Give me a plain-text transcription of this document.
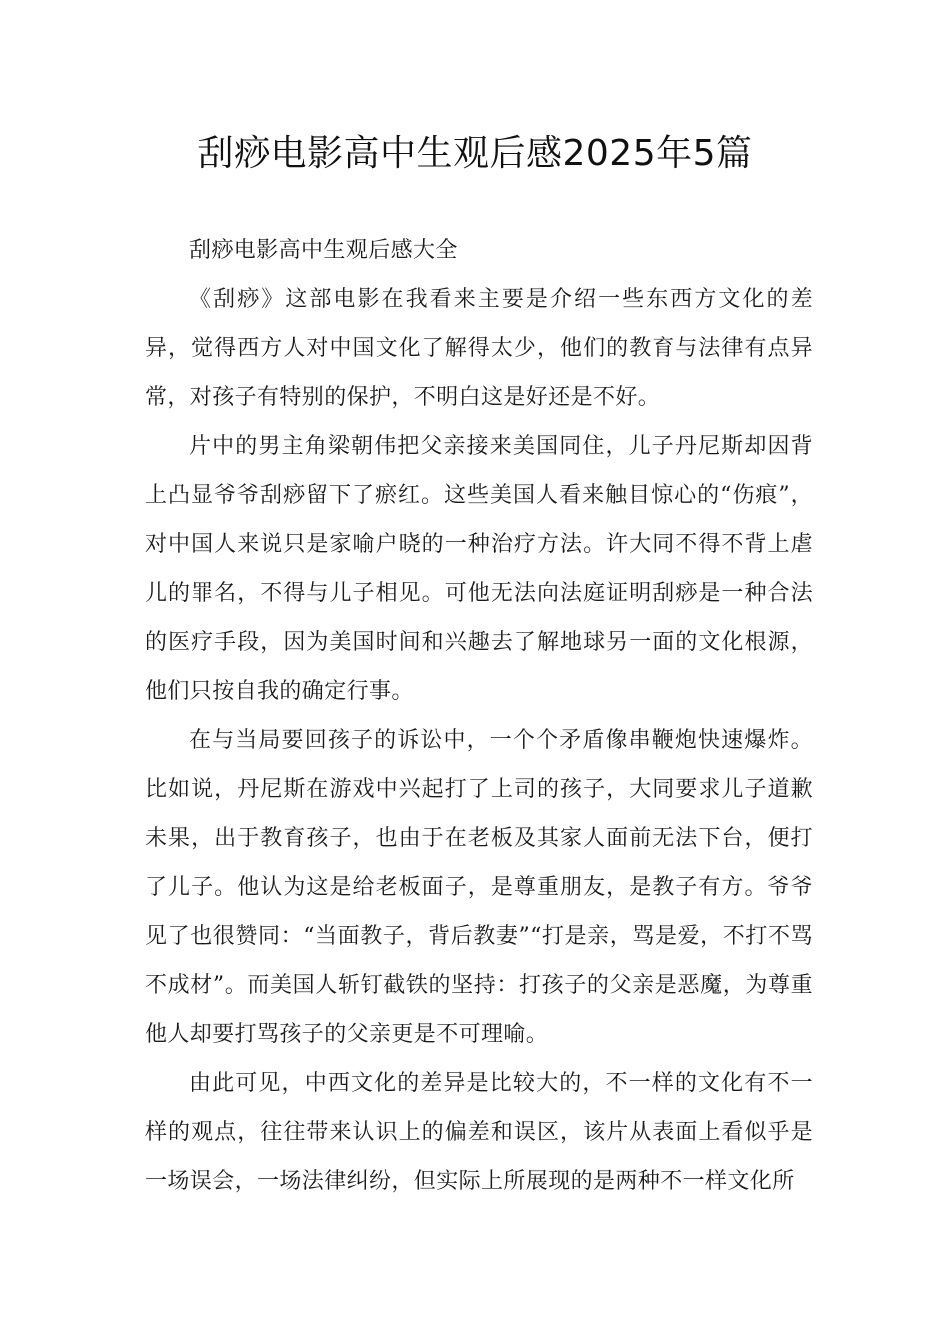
刮痧电影高中生观后感2025年5篇

刮痧电影高中生观后感大全

《刮痧》这部电影在我看来主要是介绍一些东西方文化的差异，觉得西方人对中国文化了解得太少，他们的教育与法律有点异常，对孩子有特别的保护，不明白这是好还是不好。

片中的男主角梁朝伟把父亲接来美国同住，儿子丹尼斯却因背上凸显爷爷刮痧留下了瘀红。这些美国人看来触目惊心的“伤痕”，对中国人来说只是家喻户晓的一种治疗方法。许大同不得不背上虐儿的罪名，不得与儿子相见。可他无法向法庭证明刮痧是一种合法的医疗手段，因为美国时间和兴趣去了解地球另一面的文化根源，他们只按自我的确定行事。

在与当局要回孩子的诉讼中，一个个矛盾像串鞭炮快速爆炸。比如说，丹尼斯在游戏中兴起打了上司的孩子，大同要求儿子道歉未果，出于教育孩子，也由于在老板及其家人面前无法下台，便打了儿子。他认为这是给老板面子，是尊重朋友，是教子有方。爷爷见了也很赞同：“当面教子，背后教妻”“打是亲，骂是爱，不打不骂不成材”。而美国人斩钉截铁的坚持：打孩子的父亲是恶魔，为尊重他人却要打骂孩子的父亲更是不可理喻。

由此可见，中西文化的差异是比较大的，不一样的文化有不一样的观点，往往带来认识上的偏差和误区，该片从表面上看似乎是一场误会，一场法律纠纷，但实际上所展现的是两种不一样文化所
